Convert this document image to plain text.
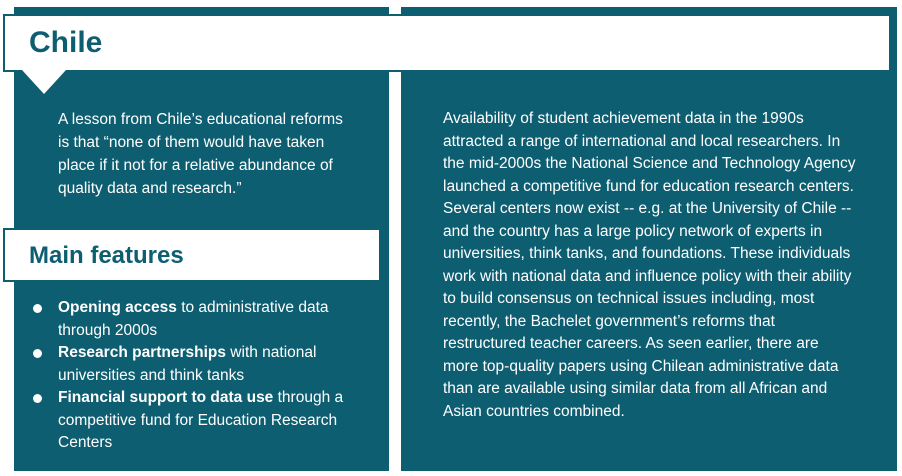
Chile
A lesson from Chile’s educational reforms is that “none of them would have taken place if it not for a relative abundance of quality data and research.”
Main features
Opening access to administrative data through 2000s
Research partnerships with national universities and think tanks
Financial support to data use through a competitive fund for Education Research Centers
Availability of student achievement data in the 1990s attracted a range of international and local researchers. In the mid-2000s the National Science and Technology Agency launched a competitive fund for education research centers. Several centers now exist -- e.g. at the University of Chile -- and the country has a large policy network of experts in universities, think tanks, and foundations. These individuals work with national data and influence policy with their ability to build consensus on technical issues including, most recently, the Bachelet government’s reforms that restructured teacher careers. As seen earlier, there are more top-quality papers using Chilean administrative data than are available using similar data from all African and Asian countries combined.
